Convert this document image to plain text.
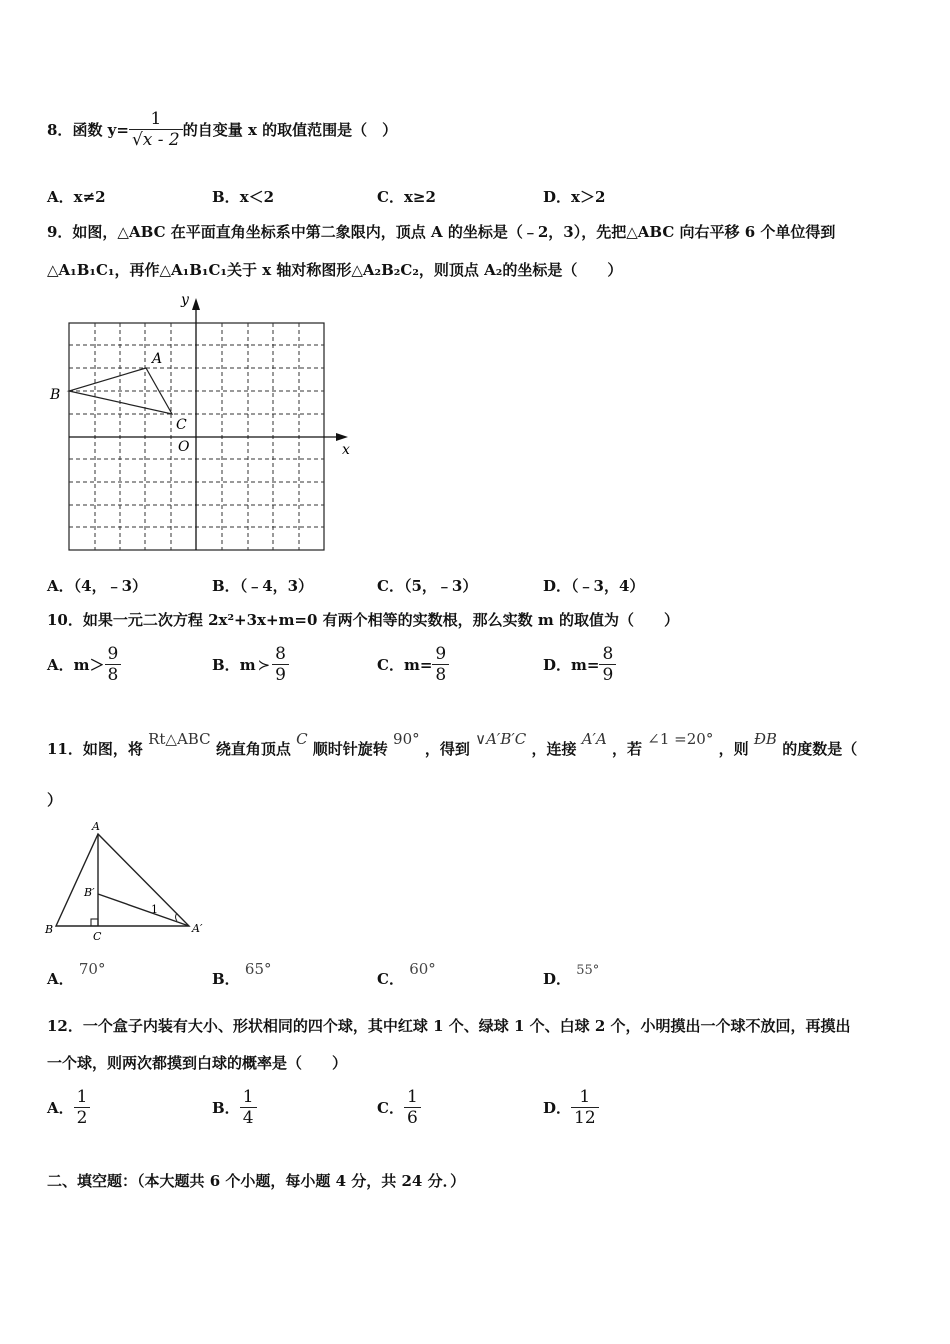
8． 函数 $y= \frac{1}{√x - 2}$ 的自变量 x 的取值范围是（　）
A．x≠2	B．x＜2	C．x≥2	D．x＞2
9．如图，△ABC 在平面直角坐标系中第二象限内，顶点 A 的坐标是（﹣2，3），先把△ABC 向右平移 6 个单位得到
△A₁B₁C₁，再作△A₁B₁C₁关于 x 轴对称图形△A₂B₂C₂，则顶点 A₂的坐标是（　　）
y
x
O
A
B
C
A．（4，﹣3）	B．（﹣4，3）	C．（5，﹣3）	D．（﹣3，4）
10．如果一元二次方程 2x²+3x+m=0 有两个相等的实数根，那么实数 m 的取值为（　　）
A． $m> \frac{9}{8}$	B． m ≻ $\frac{8}{9}$	C． $m= \frac{9}{8}$	D． $m= \frac{8}{9}$
11．如图，将 Rt△ABC 绕直角顶点 C 顺时针旋转 90° ，得到 ∨A′B′C ，连接 A′A ，若 ∠1 =20° ，则 ÐB 的度数是（
）
A
B
C
B′
A′
1
A． 70°
B． 65°
C． 60°
D． 55°
12．一个盒子内装有大小、形状相同的四个球，其中红球 1 个、绿球 1 个、白球 2 个，小明摸出一个球不放回，再摸出
一个球，则两次都摸到白球的概率是（　　）
A． $\frac{1}{2}$	B． $\frac{1}{4}$	C． $\frac{1}{6}$	D． $\frac{1}{12}$
二、填空题：（本大题共 6 个小题，每小题 4 分，共 24 分．）
